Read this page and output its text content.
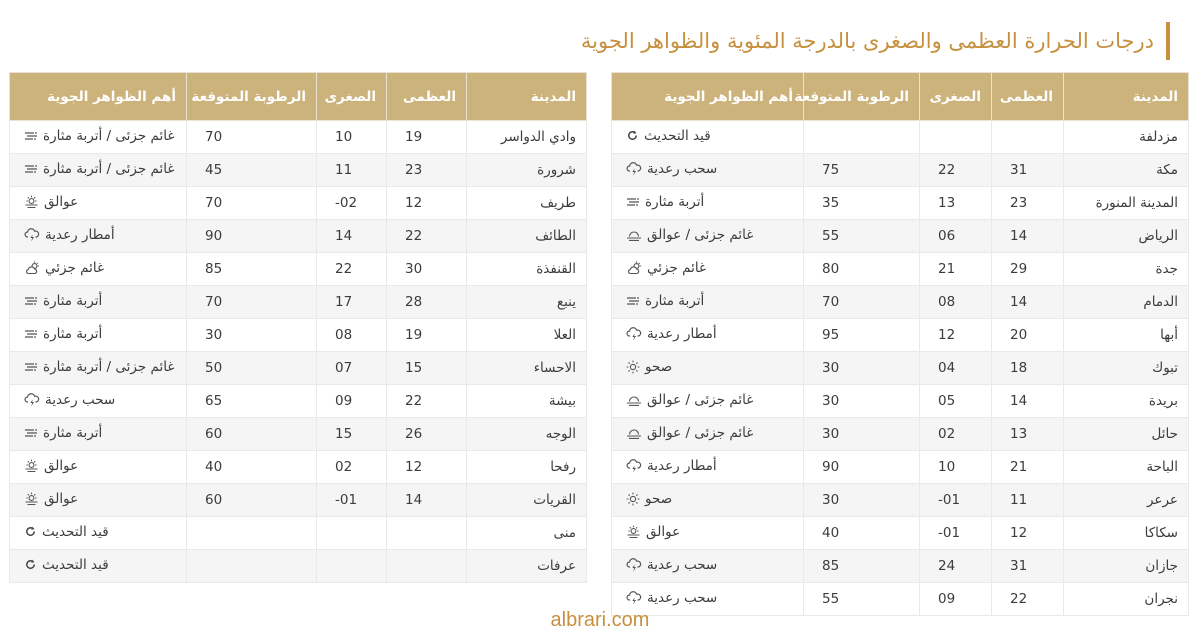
درجات الحرارة العظمى والصغرى بالدرجة المئوية والظواهر الجوية
المدينة	العظمى	الصغرى	الرطوبة المتوقعة	أهم الظواهر الجوية
مزدلفة				قيد التحديث

مكة	31	22	75	سحب رعدية

المدينة المنورة	23	13	35	أتربة مثارة

الرياض	14	06	55	غائم جزئى / عوالق

جدة	29	21	80	غائم جزئي

الدمام	14	08	70	أتربة مثارة

أبها	20	12	95	أمطار رعدية

تبوك	18	04	30	صحو

بريدة	14	05	30	غائم جزئى / عوالق

حائل	13	02	30	غائم جزئى / عوالق

الباحة	21	10	90	أمطار رعدية

عرعر	11	01-	30	صحو

سكاكا	12	01-	40	عوالق

جازان	31	24	85	سحب رعدية

نجران	22	09	55	سحب رعدية
المدينة	العظمى	الصغرى	الرطوبة المتوقعة	أهم الظواهر الجوية
وادي الدواسر	19	10	70	غائم جزئى / أتربة مثارة

شرورة	23	11	45	غائم جزئى / أتربة مثارة

طريف	12	02-	70	عوالق

الطائف	22	14	90	أمطار رعدية

القنفذة	30	22	85	غائم جزئي

ينبع	28	17	70	أتربة مثارة

العلا	19	08	30	أتربة مثارة

الاحساء	15	07	50	غائم جزئى / أتربة مثارة

بيشة	22	09	65	سحب رعدية

الوجه	26	15	60	أتربة مثارة

رفحا	12	02	40	عوالق

القريات	14	01-	60	عوالق

منى				قيد التحديث

عرفات				قيد التحديث
albrari.com
